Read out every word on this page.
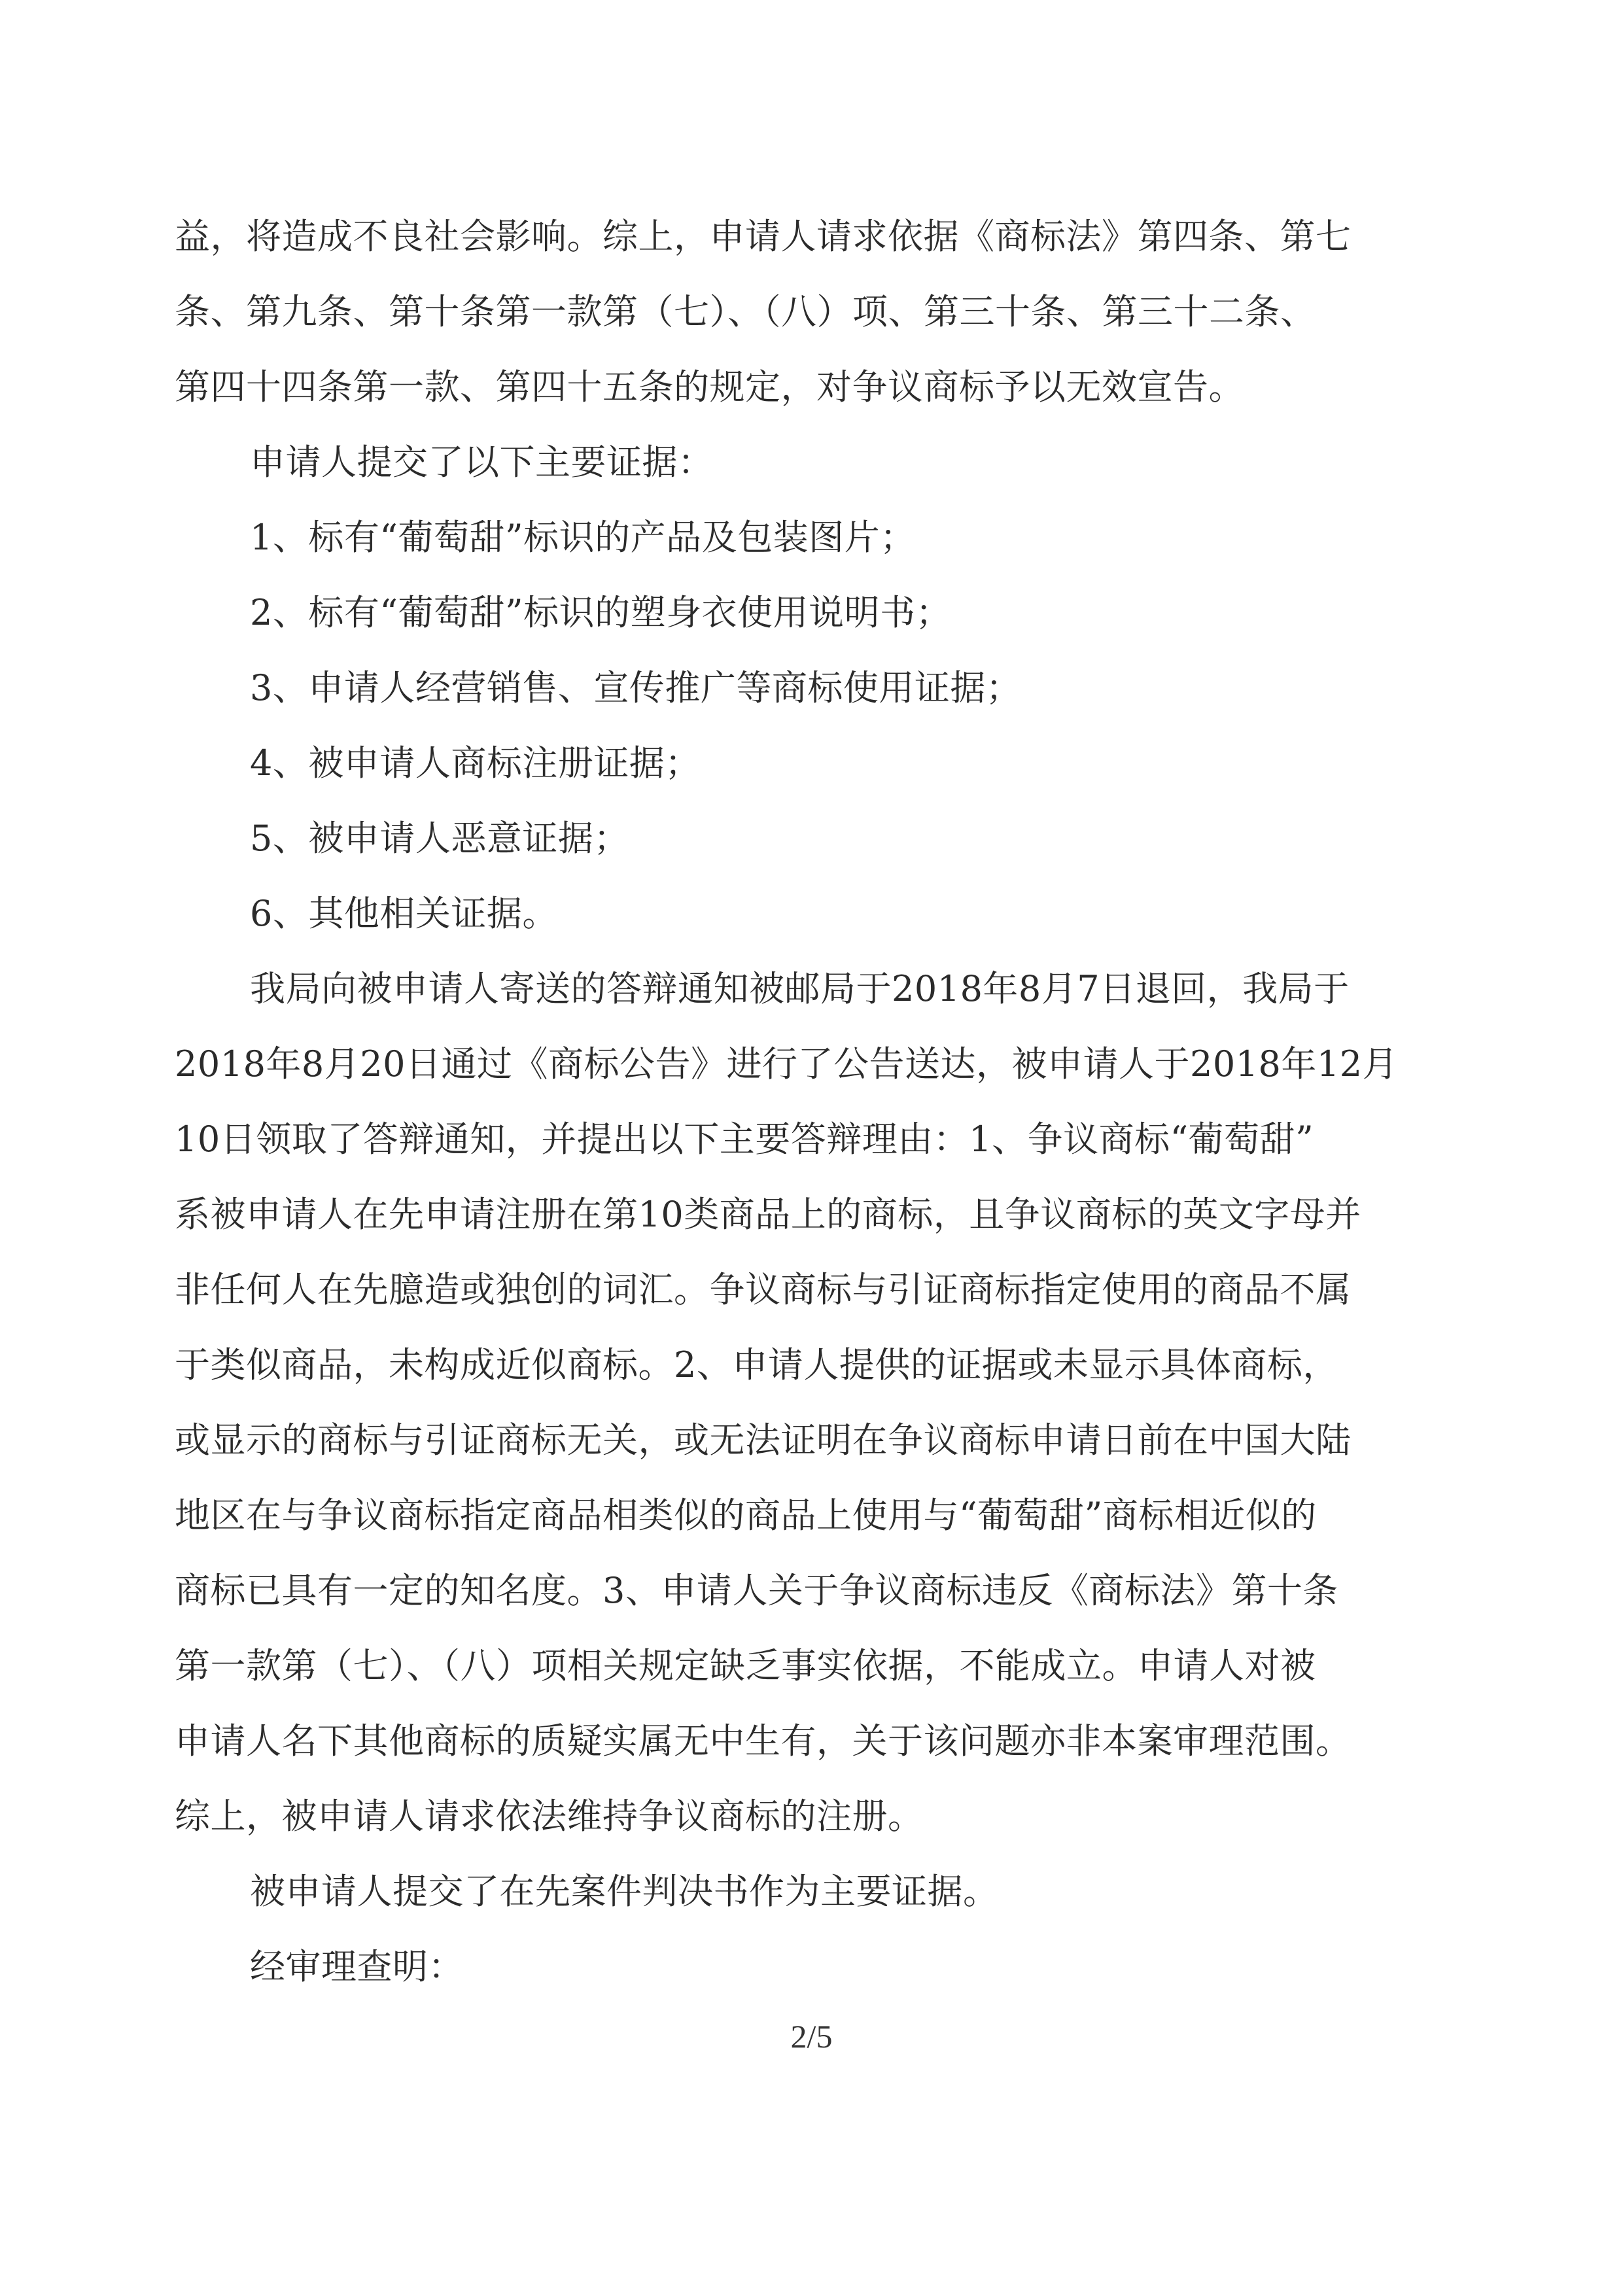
益，将造成不良社会影响。综上，申请人请求依据《商标法》第四条、第七
条、第九条、第十条第一款第（七）、（八）项、第三十条、第三十二条、
第四十四条第一款、第四十五条的规定，对争议商标予以无效宣告。
申请人提交了以下主要证据：
1、标有“葡萄甜”标识的产品及包装图片；
2、标有“葡萄甜”标识的塑身衣使用说明书；
3、申请人经营销售、宣传推广等商标使用证据；
4、被申请人商标注册证据；
5、被申请人恶意证据；
6、其他相关证据。
我局向被申请人寄送的答辩通知被邮局于2018年8月7日退回，我局于
2018年8月20日通过《商标公告》进行了公告送达，被申请人于2018年12月
10日领取了答辩通知，并提出以下主要答辩理由：1、争议商标“葡萄甜”
系被申请人在先申请注册在第10类商品上的商标，且争议商标的英文字母并
非任何人在先臆造或独创的词汇。争议商标与引证商标指定使用的商品不属
于类似商品，未构成近似商标。2、申请人提供的证据或未显示具体商标，
或显示的商标与引证商标无关，或无法证明在争议商标申请日前在中国大陆
地区在与争议商标指定商品相类似的商品上使用与“葡萄甜”商标相近似的
商标已具有一定的知名度。3、申请人关于争议商标违反《商标法》第十条
第一款第（七）、（八）项相关规定缺乏事实依据，不能成立。申请人对被
申请人名下其他商标的质疑实属无中生有，关于该问题亦非本案审理范围。
综上，被申请人请求依法维持争议商标的注册。
被申请人提交了在先案件判决书作为主要证据。
经审理查明：
2/5
